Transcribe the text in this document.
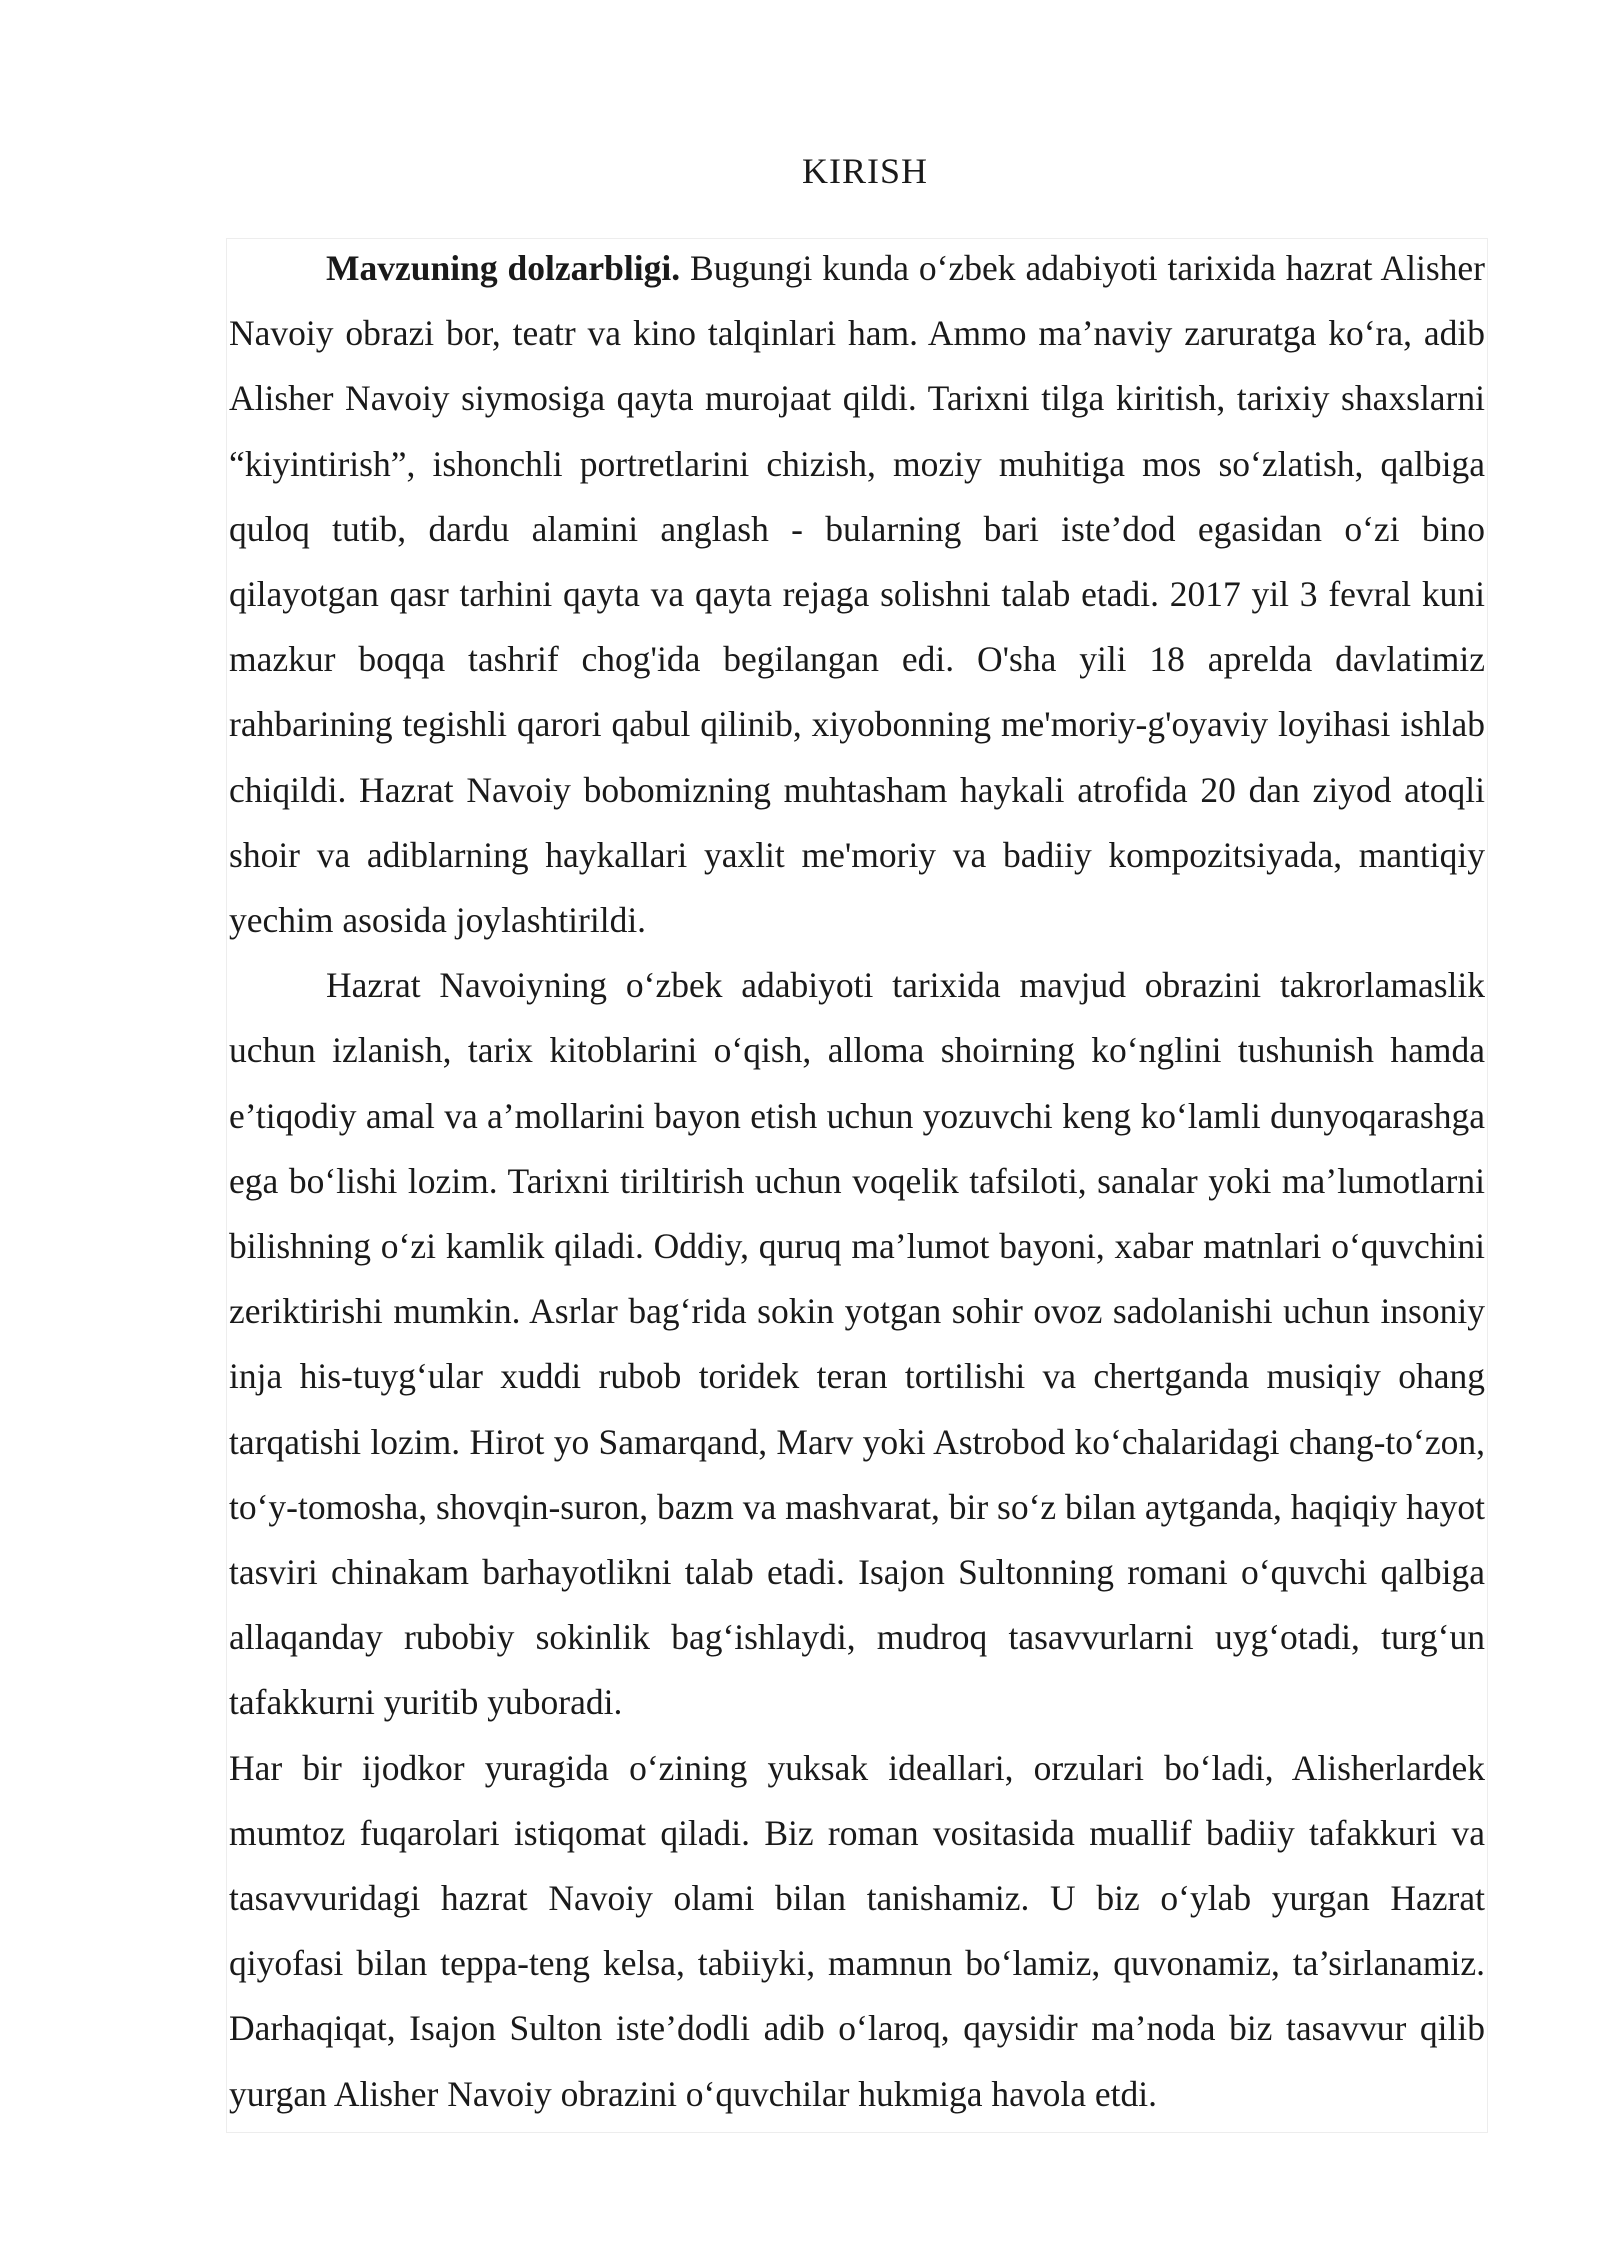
KIRISH

Mavzuning dolzarbligi. Bugungi kunda o‘zbek adabiyoti tarixida hazrat Alisher Navoiy obrazi bor, teatr va kino talqinlari ham. Ammo ma’naviy zaruratga ko‘ra, adib Alisher Navoiy siymosiga qayta murojaat qildi. Tarixni tilga kiritish, tarixiy shaxslarni “kiyintirish”, ishonchli portretlarini chizish, moziy muhitiga mos so‘zlatish, qalbiga quloq tutib, dardu alamini anglash - bularning bari iste’dod egasidan o‘zi bino qilayotgan qasr tarhini qayta va qayta rejaga solishni talab etadi. 2017 yil 3 fevral kuni mazkur boqqa tashrif chog'ida begilangan edi. O'sha yili 18 aprelda davlatimiz rahbarining tegishli qarori qabul qilinib, xiyobonning me'moriy-g'oyaviy loyihasi ishlab chiqildi. Hazrat Navoiy bobomizning muhtasham haykali atrofida 20 dan ziyod atoqli shoir va adiblarning haykallari yaxlit me'moriy va badiiy kompozitsiyada, mantiqiy yechim asosida joylashtirildi.

Hazrat Navoiyning o‘zbek adabiyoti tarixida mavjud obrazini takrorlamaslik uchun izlanish, tarix kitoblarini o‘qish, alloma shoirning ko‘nglini tushunish hamda e’tiqodiy amal va a’mollarini bayon etish uchun yozuvchi keng ko‘lamli dunyoqarashga ega bo‘lishi lozim. Tarixni tiriltirish uchun voqelik tafsiloti, sanalar yoki ma’lumotlarni bilishning o‘zi kamlik qiladi. Oddiy, quruq ma’lumot bayoni, xabar matnlari o‘quvchini zeriktirishi mumkin. Asrlar bag‘rida sokin yotgan sohir ovoz sadolanishi uchun insoniy inja his-tuyg‘ular xuddi rubob toridek teran tortilishi va chertganda musiqiy ohang tarqatishi lozim. Hirot yo Samarqand, Marv yoki Astrobod ko‘chalaridagi chang-to‘zon, to‘y-tomosha, shovqin-suron, bazm va mashvarat, bir so‘z bilan aytganda, haqiqiy hayot tasviri chinakam barhayotlikni talab etadi. Isajon Sultonning romani o‘quvchi qalbiga allaqanday rubobiy sokinlik bag‘ishlaydi, mudroq tasavvurlarni uyg‘otadi, turg‘un tafakkurni yuritib yuboradi.

Har bir ijodkor yuragida o‘zining yuksak ideallari, orzulari bo‘ladi, Alisherlardek mumtoz fuqarolari istiqomat qiladi. Biz roman vositasida muallif badiiy tafakkuri va tasavvuridagi hazrat Navoiy olami bilan tanishamiz. U biz o‘ylab yurgan Hazrat qiyofasi bilan teppa-teng kelsa, tabiiyki, mamnun bo‘lamiz, quvonamiz, ta’sirlanamiz. Darhaqiqat, Isajon Sulton iste’dodli adib o‘laroq, qaysidir ma’noda biz tasavvur qilib yurgan Alisher Navoiy obrazini o‘quvchilar hukmiga havola etdi.
